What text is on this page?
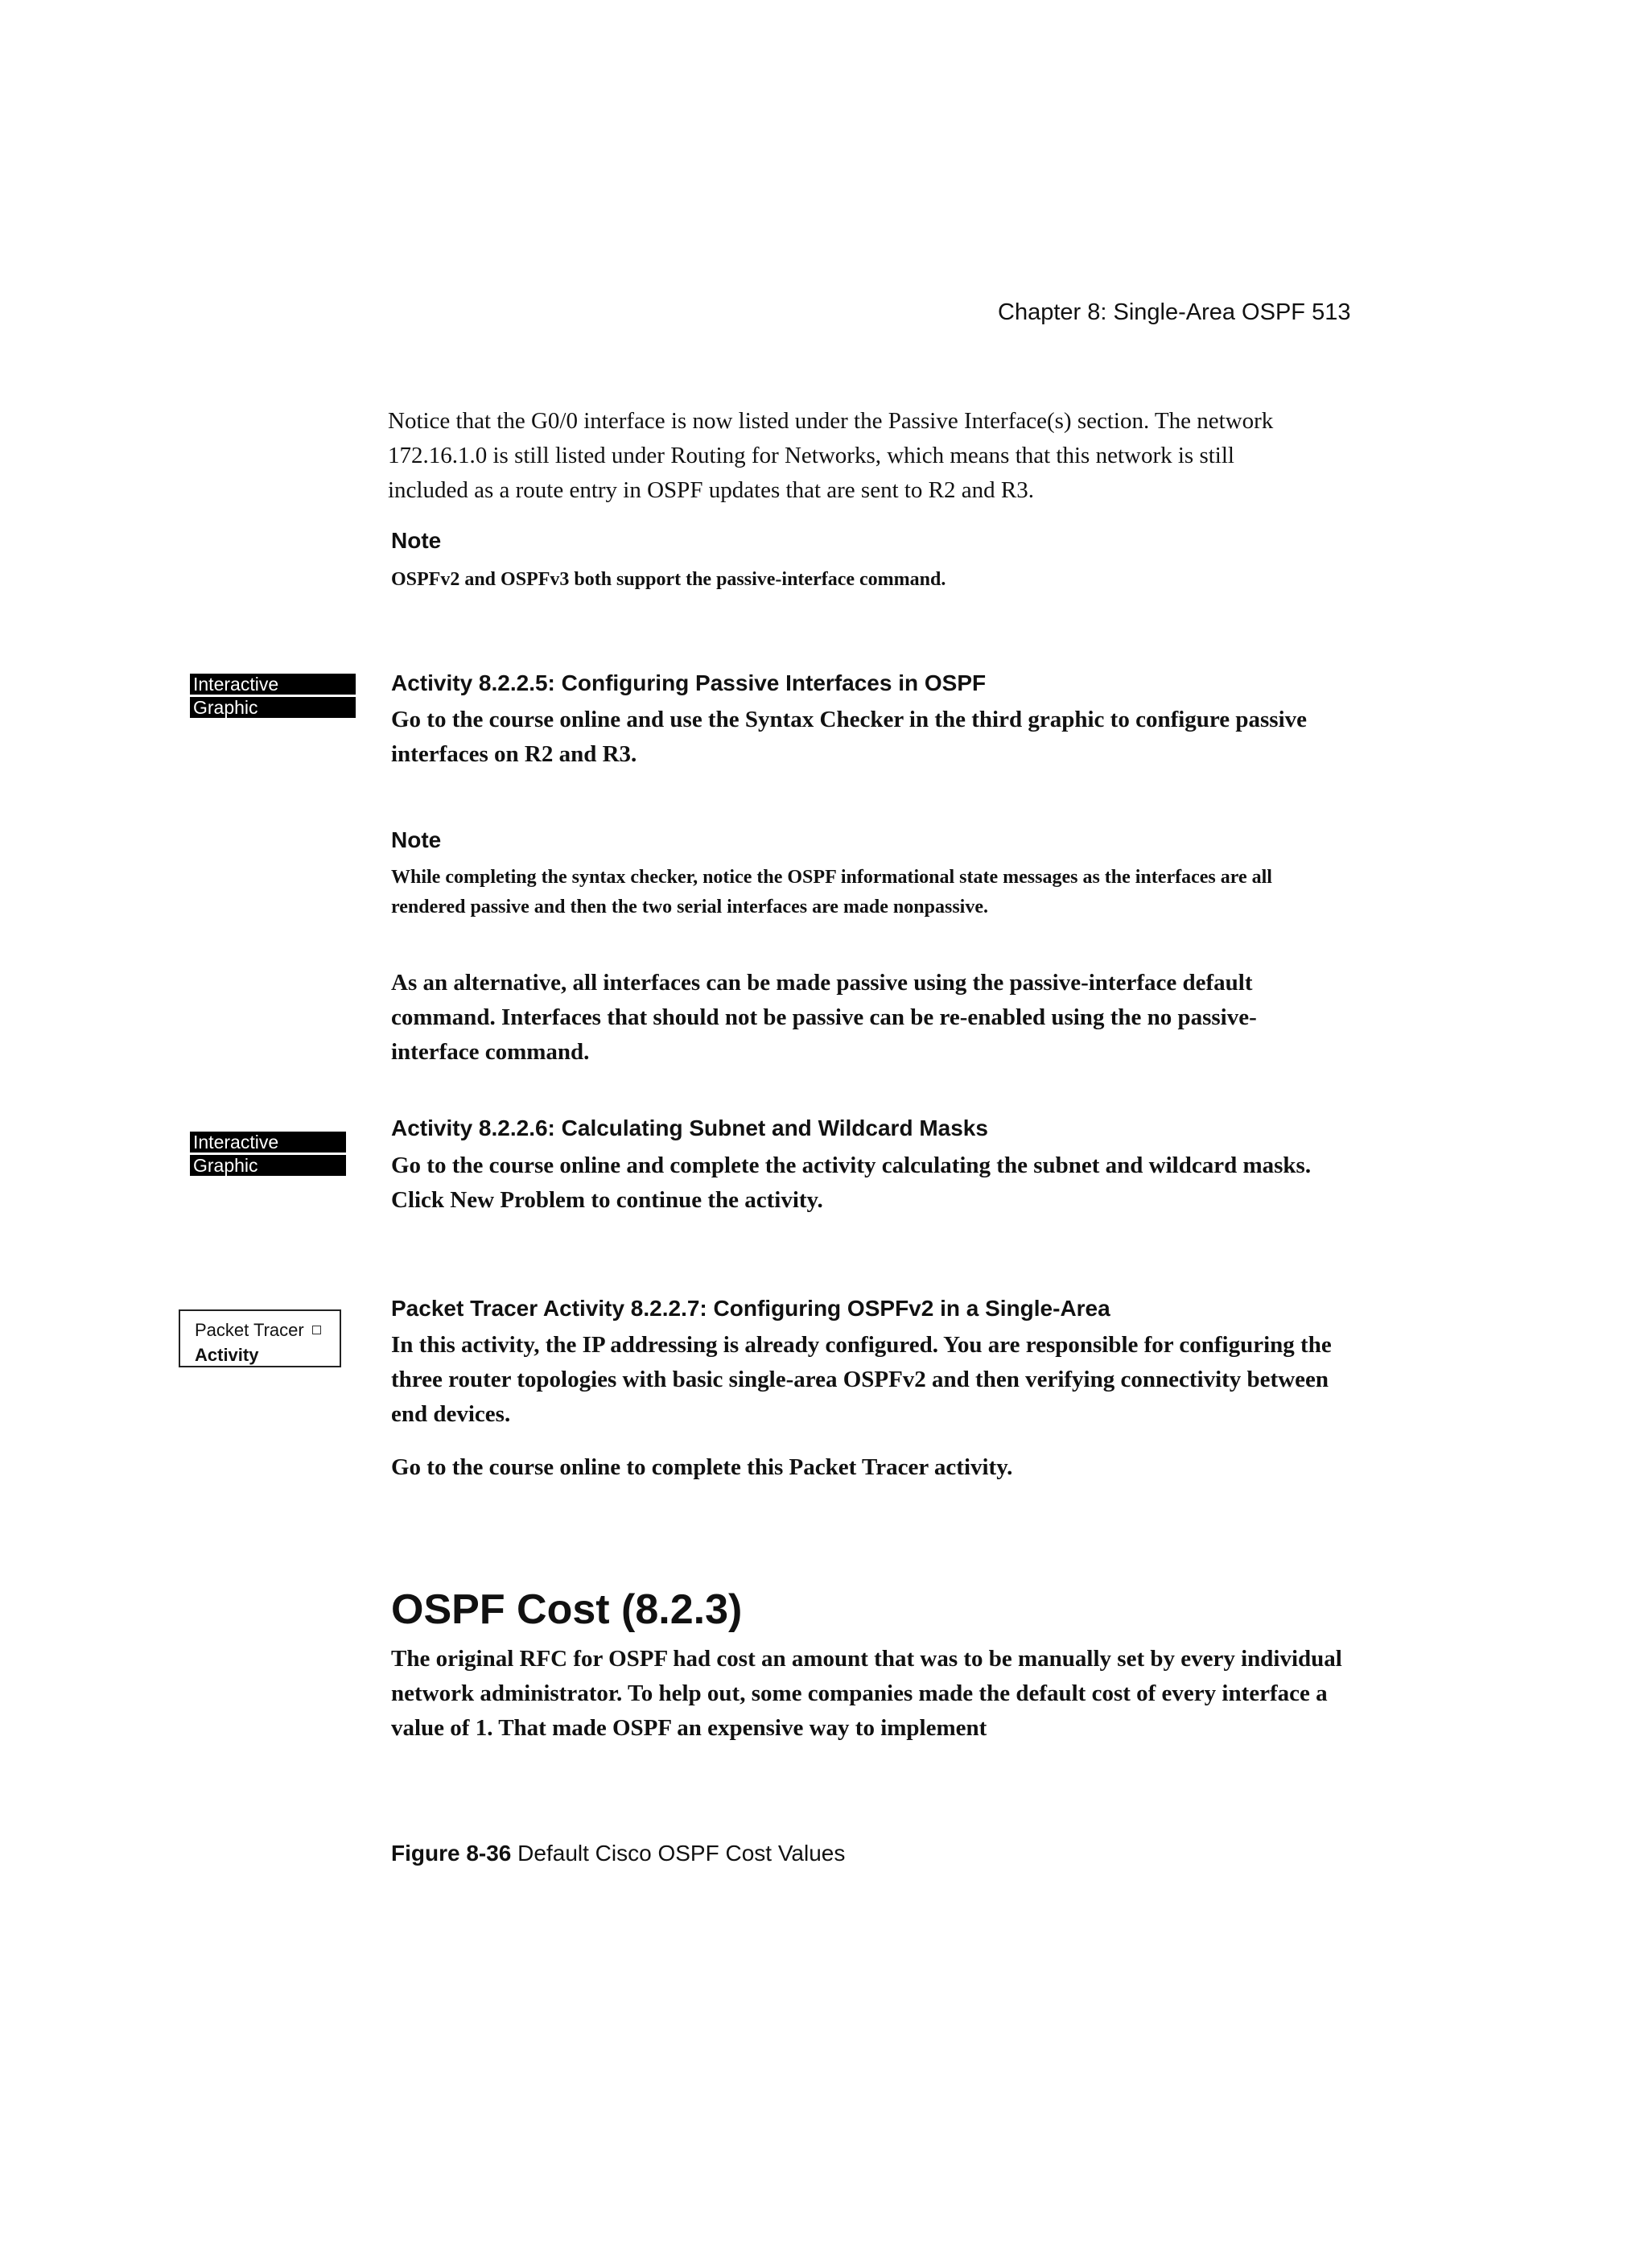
Chapter 8: Single-Area OSPF 513
Notice that the G0/0 interface is now listed under the Passive Interface(s) section. The network
172.16.1.0 is still listed under Routing for Networks, which means that this network is still
included as a route entry in OSPF updates that are sent to R2 and R3.
Note
OSPFv2 and OSPFv3 both support the passive-interface command.
Interactive
Graphic
Activity 8.2.2.5: Configuring Passive Interfaces in OSPF
Go to the course online and use the Syntax Checker in the third graphic to configure passive
interfaces on R2 and R3.
Note
While completing the syntax checker, notice the OSPF informational state messages as the interfaces are all
rendered passive and then the two serial interfaces are made nonpassive.
As an alternative, all interfaces can be made passive using the passive-interface default
command. Interfaces that should not be passive can be re-enabled using the no passive-
interface command.
Interactive
Graphic
Activity 8.2.2.6: Calculating Subnet and Wildcard Masks
Go to the course online and complete the activity calculating the subnet and wildcard masks.
Click New Problem to continue the activity.
Packet Tracer
Activity
Packet Tracer Activity 8.2.2.7: Configuring OSPFv2 in a Single-Area
In this activity, the IP addressing is already configured. You are responsible for configuring the
three router topologies with basic single-area OSPFv2 and then verifying connectivity between
end devices.
Go to the course online to complete this Packet Tracer activity.
OSPF Cost (8.2.3)
The original RFC for OSPF had cost an amount that was to be manually set by every individual
network administrator. To help out, some companies made the default cost of every interface a
value of 1. That made OSPF an expensive way to implement
Figure 8-36 Default Cisco OSPF Cost Values
